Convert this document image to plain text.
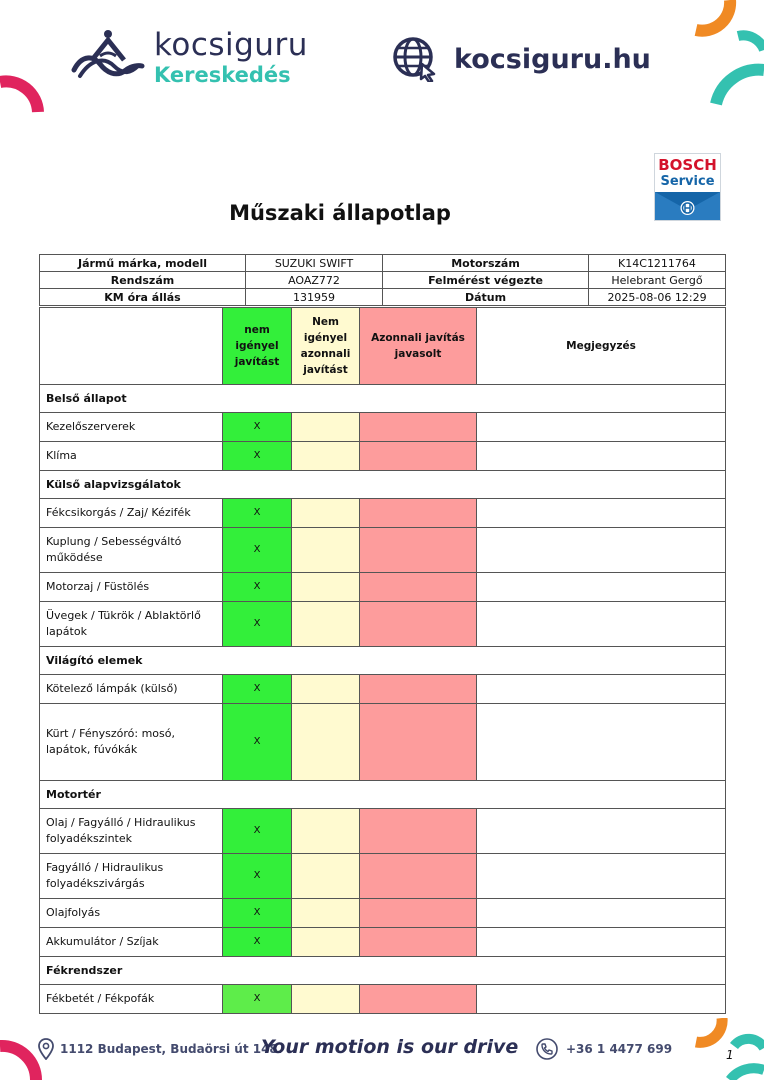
kocsiguru
Kereskedés
kocsiguru.hu
BOSCH
Service
Műszaki állapotlap
Jármű márka, modell	SUZUKI SWIFT	Motorszám	K14C1211764
Rendszám	AOAZ772	Felmérést végezte	Helebrant Gergő
KM óra állás	131959	Dátum	2025-08-06 12:29
	nem igényel javítást	Nem igényel azonnali javítást	Azonnali javítás javasolt	Megjegyzés
Belső állapot				
Kezelőszerverek	X			
Klíma	X			
Külső alapvizsgálatok				
Fékcsikorgás / Zaj/ Kézifék	X			
Kuplung / Sebességváltó működése	X			
Motorzaj / Füstölés	X			
Üvegek / Tükrök / Ablaktörlő lapátok	X			
Világító elemek				
Kötelező lámpák (külső)	X			
Kürt / Fényszóró: mosó, lapátok, fúvókák	X			
Motortér				
Olaj / Fagyálló / Hidraulikus folyadékszintek	X			
Fagyálló / Hidraulikus folyadékszivárgás	X			
Olajfolyás	X			
Akkumulátor / Szíjak	X			
Fékrendszer				
Fékbetét / Fékpofák	X			
1112 Budapest, Budaörsi út 148.
Your motion is our drive	+36 1 4477 699	1
